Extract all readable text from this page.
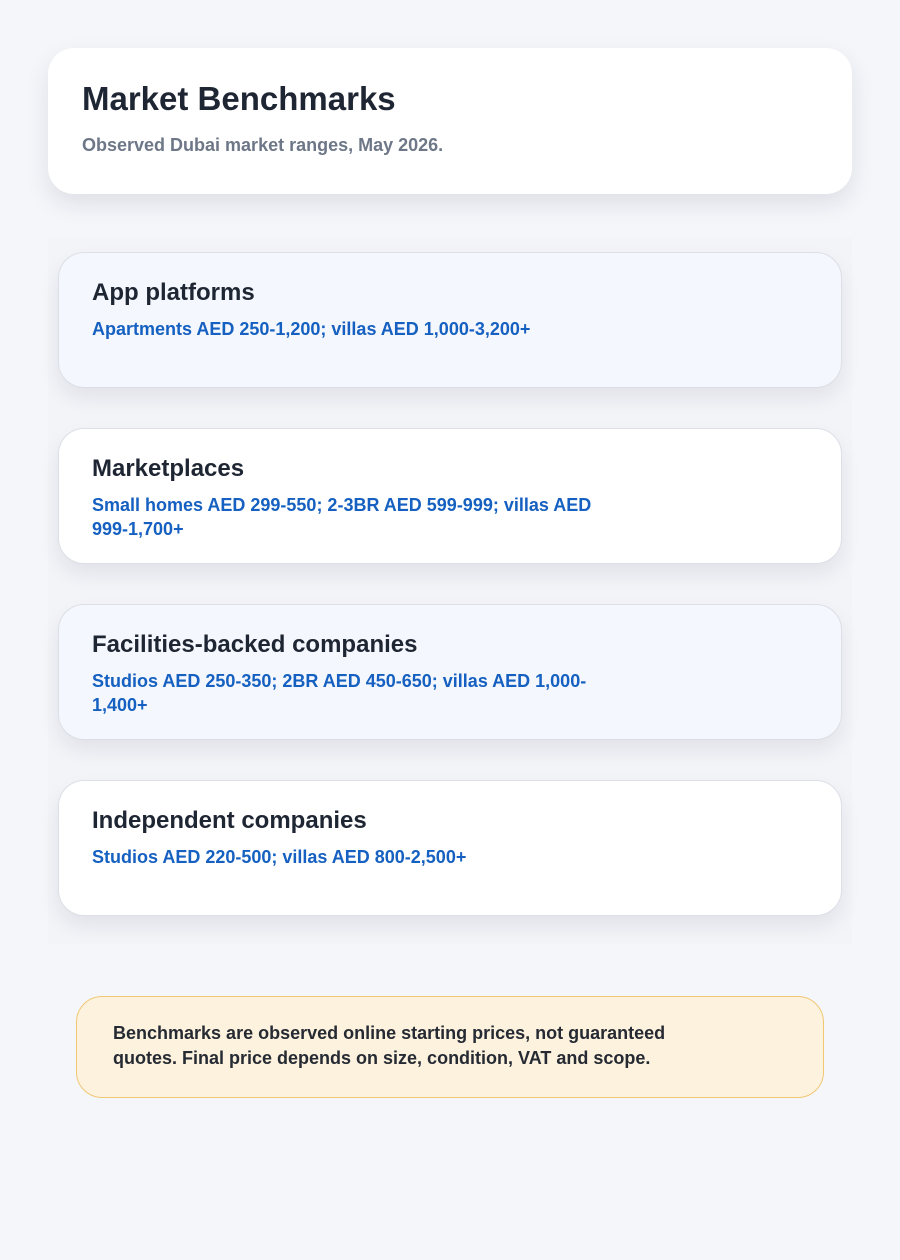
Market Benchmarks

Observed Dubai market ranges, May 2026.

App platforms

Apartments AED 250-1,200; villas AED 1,000-3,200+

Marketplaces

Small homes AED 299-550; 2-3BR AED 599-999; villas AED 999-1,700+

Facilities-backed companies

Studios AED 250-350; 2BR AED 450-650; villas AED 1,000-1,400+

Independent companies

Studios AED 220-500; villas AED 800-2,500+

Benchmarks are observed online starting prices, not guaranteed quotes. Final price depends on size, condition, VAT and scope.
